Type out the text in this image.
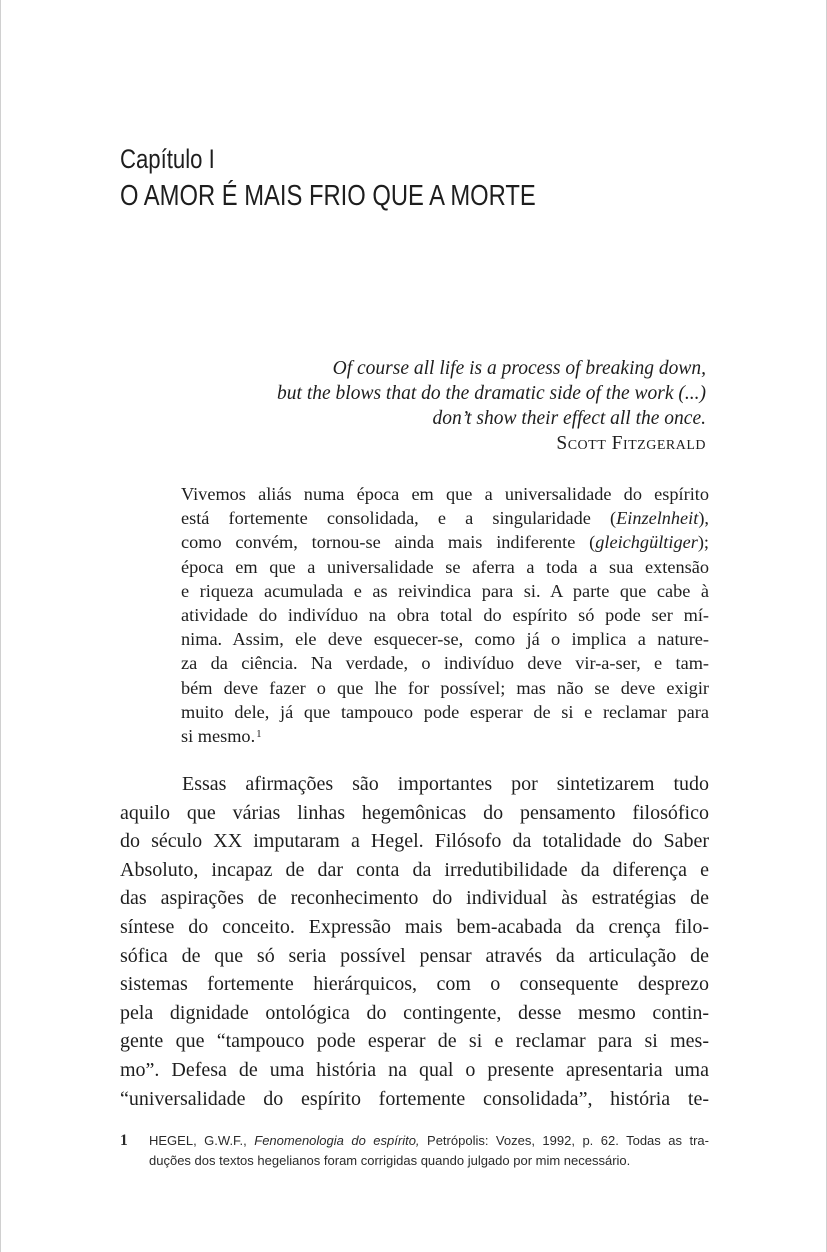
Capítulo I
O AMOR É MAIS FRIO QUE A MORTE
Of course all life is a process of breaking down,
but the blows that do the dramatic side of the work (...)
don’t show their effect all the once.
Scott Fitzgerald
Vivemos aliás numa época em que a universalidade do espírito
está fortemente consolidada, e a singularidade (Einzelnheit),
como convém, tornou-se ainda mais indiferente (gleichgültiger);
época em que a universalidade se aferra a toda a sua extensão
e riqueza acumulada e as reivindica para si. A parte que cabe à
atividade do indivíduo na obra total do espírito só pode ser mí-
nima. Assim, ele deve esquecer-se, como já o implica a nature-
za da ciência. Na verdade, o indivíduo deve vir-a-ser, e tam-
bém deve fazer o que lhe for possível; mas não se deve exigir
muito dele, já que tampouco pode esperar de si e reclamar para
si mesmo.$^1$
Essas afirmações são importantes por sintetizarem tudo
aquilo que várias linhas hegemônicas do pensamento filosófico
do século XX imputaram a Hegel. Filósofo da totalidade do Saber
Absoluto, incapaz de dar conta da irredutibilidade da diferença e
das aspirações de reconhecimento do individual às estratégias de
síntese do conceito. Expressão mais bem-acabada da crença filo-
sófica de que só seria possível pensar através da articulação de
sistemas fortemente hierárquicos, com o consequente desprezo
pela dignidade ontológica do contingente, desse mesmo contin-
gente que “tampouco pode esperar de si e reclamar para si mes-
mo”. Defesa de uma história na qual o presente apresentaria uma
“universalidade do espírito fortemente consolidada”, história te-
1 HEGEL, G.W.F., Fenomenologia do espírito, Petrópolis: Vozes, 1992, p. 62. Todas as tra-
duções dos textos hegelianos foram corrigidas quando julgado por mim necessário.
